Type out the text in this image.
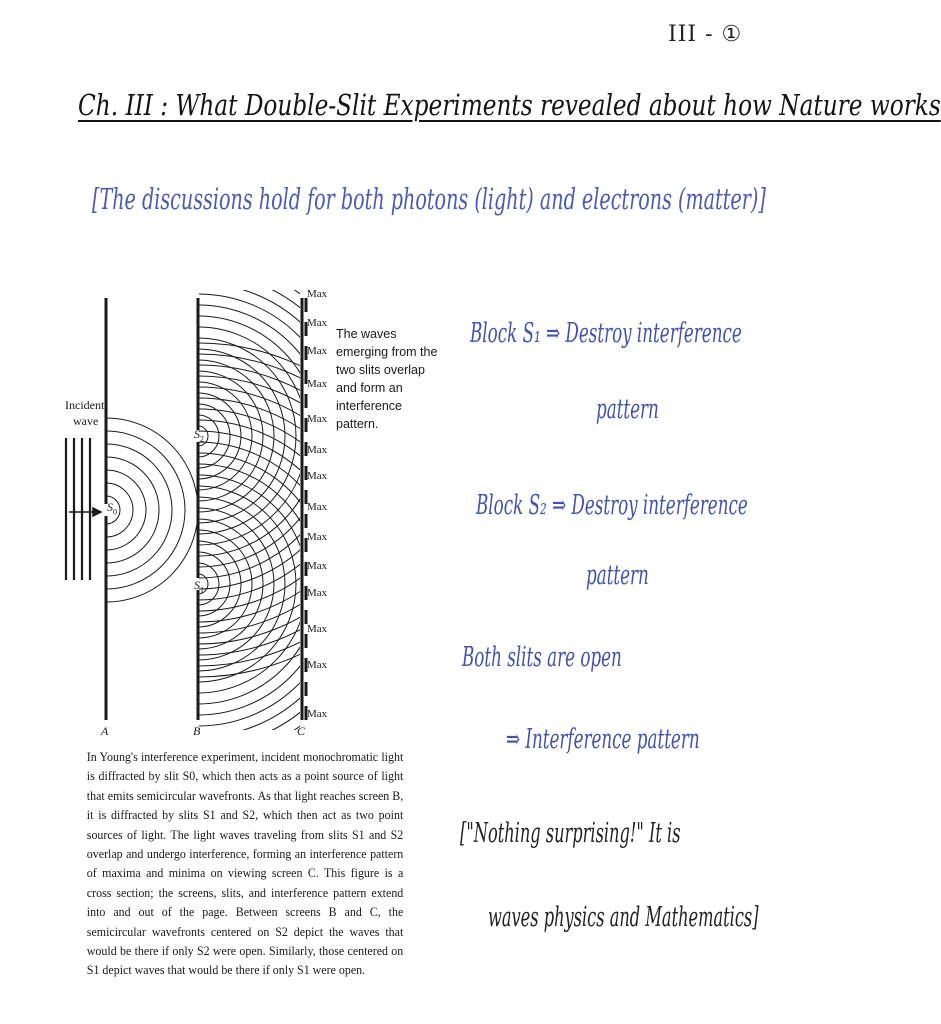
III - ①
Ch. III : What Double-Slit Experiments revealed about how Nature works
[The discussions hold for both photons (light) and electrons (matter)]
Incident
wave
$S_0$
$S_1$
$S_2$
A	B	C
Max
Max
Max
Max
Max
Max
Max
Max
Max
Max
Max
Max
Max
Max
The waves emerging from the two slits overlap and form an interference pattern.
In Young's interference experiment, incident monochromatic light is diffracted by slit S0, which then acts as a point source of light that emits semicircular wavefronts. As that light reaches screen B, it is diffracted by slits S1 and S2, which then act as two point sources of light. The light waves traveling from slits S1 and S2 overlap and undergo interference, forming an interference pattern of maxima and minima on viewing screen C. This figure is a cross section; the screens, slits, and interference pattern extend into and out of the page. Between screens B and C, the semicircular wavefronts centered on S2 depict the waves that would be there if only S2 were open. Similarly, those centered on S1 depict waves that would be there if only S1 were open.
Block S₁ ⇒ Destroy interference
pattern
Block S₂ ⇒ Destroy interference
pattern
Both slits are open
⇒ Interference pattern
["Nothing surprising!" It is
waves physics and Mathematics]
